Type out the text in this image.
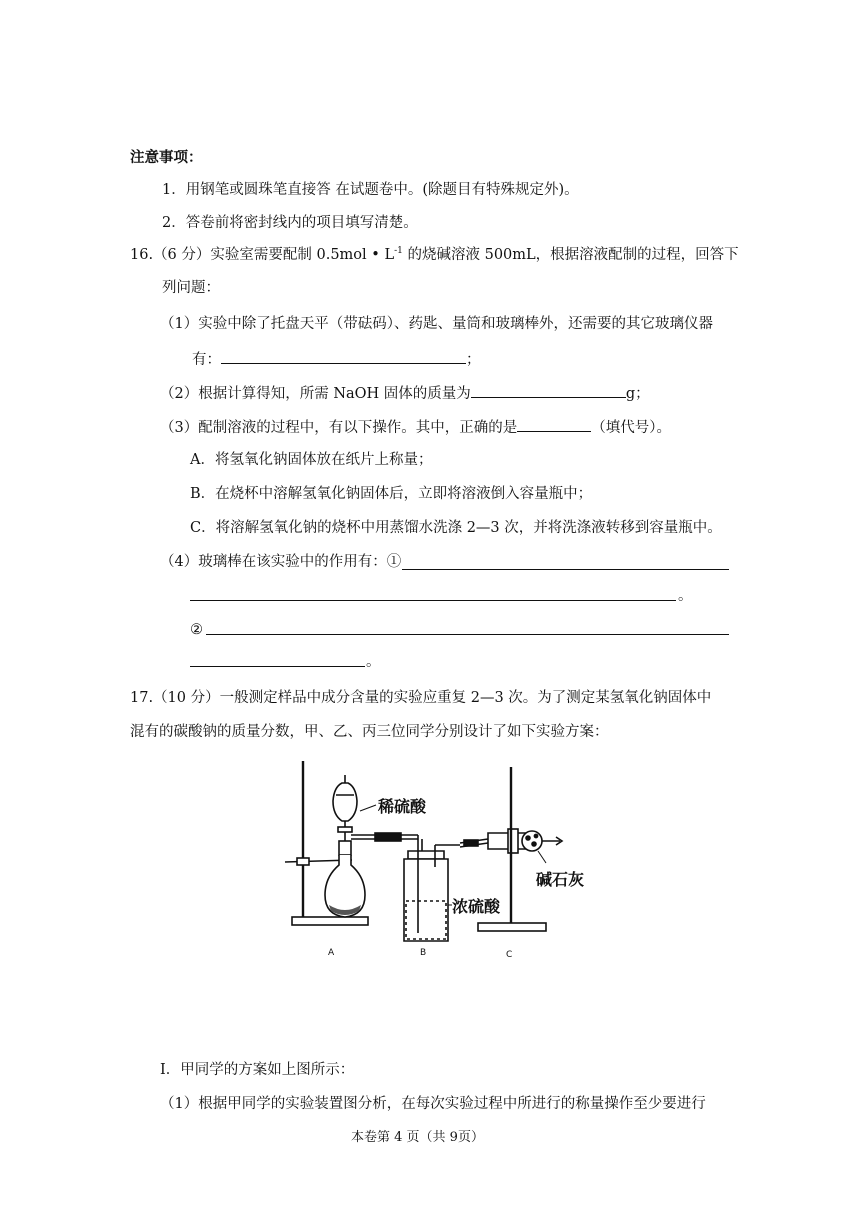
注意事项：
1．用钢笔或圆珠笔直接答 在试题卷中。(除题目有特殊规定外)。
2．答卷前将密封线内的项目填写清楚。
16.（6 分）实验室需要配制 0.5mol • $L^{-1}$ 的烧碱溶液 500mL，根据溶液配制的过程，回答下
列问题：
（1）实验中除了托盘天平（带砝码）、药匙、量筒和玻璃棒外，还需要的其它玻璃仪器
有：	；
（2）根据计算得知，所需 NaOH 固体的质量为	g；
（3）配制溶液的过程中，有以下操作。其中，正确的是	（填代号）。
A．将氢氧化钠固体放在纸片上称量；
B．在烧杯中溶解氢氧化钠固体后，立即将溶液倒入容量瓶中；
C．将溶解氢氧化钠的烧杯中用蒸馏水洗涤 2—3 次，并将洗涤液转移到容量瓶中。
（4）玻璃棒在该实验中的作用有：①
。
②
。
17.（10 分）一般测定样品中成分含量的实验应重复 2—3 次。为了测定某氢氧化钠固体中
混有的碳酸钠的质量分数，甲、乙、丙三位同学分别设计了如下实验方案：
稀硫酸
浓硫酸
碱石灰
A	B	C
Ⅰ．甲同学的方案如上图所示：
（1）根据甲同学的实验装置图分析，在每次实验过程中所进行的称量操作至少要进行
本卷第 4 页（共 9页）
